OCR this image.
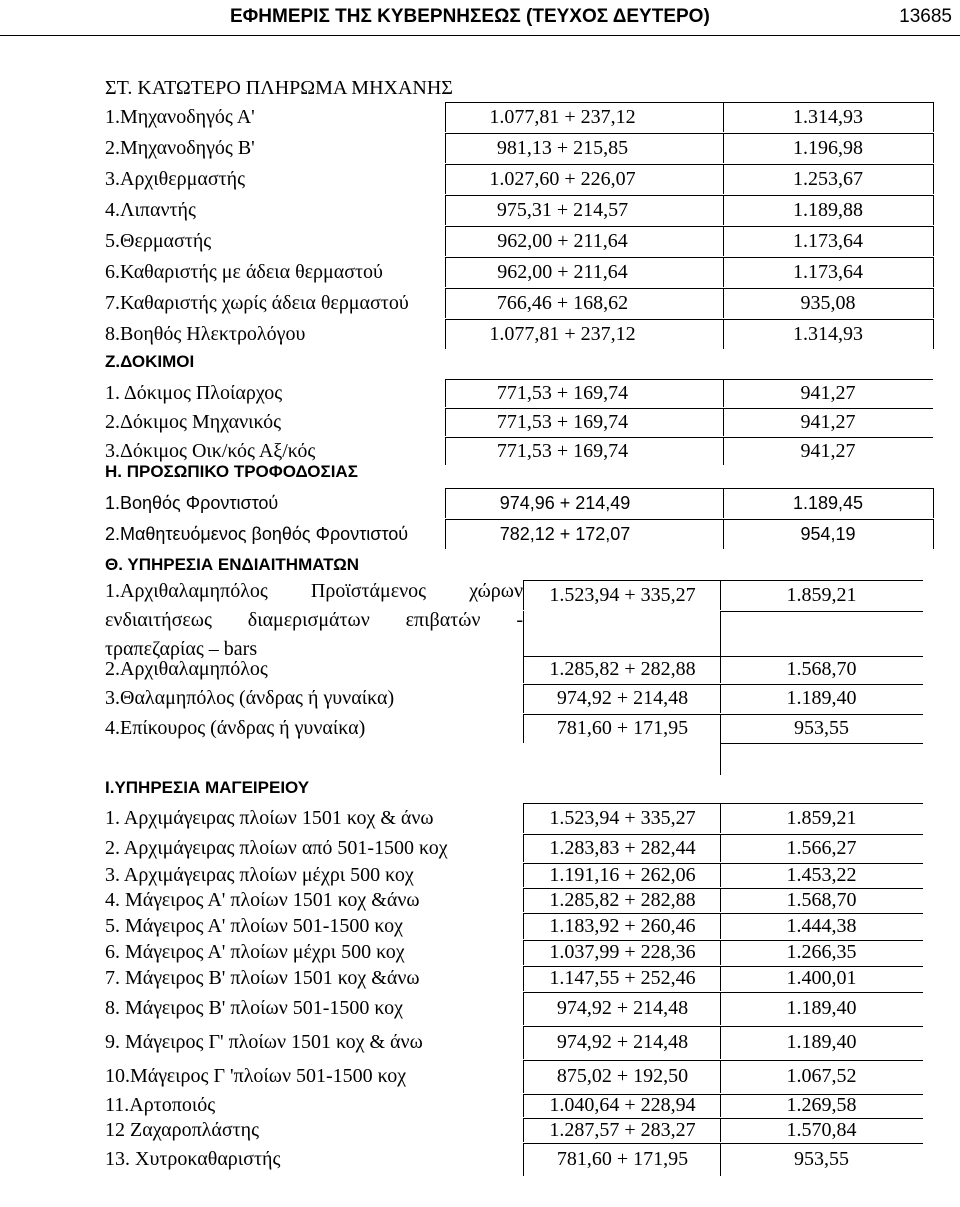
ΕΦΗΜΕΡΙΣ ΤΗΣ ΚΥΒΕΡΝΗΣΕΩΣ (ΤΕΥΧΟΣ ΔΕΥΤΕΡΟ)	13685
ΣΤ. ΚΑΤΩΤΕΡΟ ΠΛΗΡΩΜΑ ΜΗΧΑΝΗΣ
1.Μηχανοδηγός Α'	1.077,81 + 237,12	1.314,93
2.Μηχανοδηγός Β'	981,13 + 215,85	1.196,98
3.Αρχιθερμαστής	1.027,60 + 226,07	1.253,67
4.Λιπαντής	975,31 + 214,57	1.189,88
5.Θερμαστής	962,00 + 211,64	1.173,64
6.Καθαριστής με άδεια θερμαστού	962,00 + 211,64	1.173,64
7.Καθαριστής χωρίς άδεια θερμαστού	766,46 + 168,62	935,08
8.Βοηθός Ηλεκτρολόγου	1.077,81 + 237,12	1.314,93
Ζ.ΔΟΚΙΜΟΙ
1. Δόκιμος Πλοίαρχος	771,53 + 169,74	941,27
2.Δόκιμος Μηχανικός	771,53 + 169,74	941,27
3.Δόκιμος Οικ/κός Αξ/κός	771,53 + 169,74	941,27
Η. ΠΡΟΣΩΠΙΚΟ ΤΡΟΦΟΔΟΣΙΑΣ
1.Βοηθός Φροντιστού	974,96 + 214,49	1.189,45
2.Μαθητευόμενος βοηθός Φροντιστού	782,12 + 172,07	954,19
Θ. ΥΠΗΡΕΣΙΑ ΕΝΔΙΑΙΤΗΜΑΤΩΝ
1.Αρχιθαλαμηπόλος Προϊστάμενος χώρων
ενδιαιτήσεως διαμερισμάτων επιβατών -
τραπεζαρίας – bars
1.523,94 + 335,27	1.859,21
2.Αρχιθαλαμηπόλος	1.285,82 + 282,88	1.568,70
3.Θαλαμηπόλος (άνδρας ή γυναίκα)	974,92 + 214,48	1.189,40
4.Επίκουρος (άνδρας ή γυναίκα)	781,60 + 171,95	953,55
Ι.ΥΠΗΡΕΣΙΑ ΜΑΓΕΙΡΕΙΟΥ
1. Αρχιμάγειρας πλοίων 1501 κοχ & άνω	1.523,94 + 335,27	1.859,21
2. Αρχιμάγειρας πλοίων από 501-1500 κοχ	1.283,83 + 282,44	1.566,27
3. Αρχιμάγειρας πλοίων μέχρι 500 κοχ	1.191,16 + 262,06	1.453,22
4. Μάγειρος Α' πλοίων 1501 κοχ &άνω	1.285,82 + 282,88	1.568,70
5. Μάγειρος Α' πλοίων 501-1500 κοχ	1.183,92 + 260,46	1.444,38
6. Μάγειρος Α' πλοίων μέχρι 500 κοχ	1.037,99 + 228,36	1.266,35
7. Μάγειρος Β' πλοίων 1501 κοχ &άνω	1.147,55 + 252,46	1.400,01
8. Μάγειρος Β' πλοίων 501-1500 κοχ	974,92 + 214,48	1.189,40
9. Μάγειρος Γ' πλοίων 1501 κοχ & άνω	974,92 + 214,48	1.189,40
10.Μάγειρος Γ 'πλοίων 501-1500 κοχ	875,02 + 192,50	1.067,52
11.Αρτοποιός	1.040,64 + 228,94	1.269,58
12 Ζαχαροπλάστης	1.287,57 + 283,27	1.570,84
13. Χυτροκαθαριστής	781,60 + 171,95	953,55
